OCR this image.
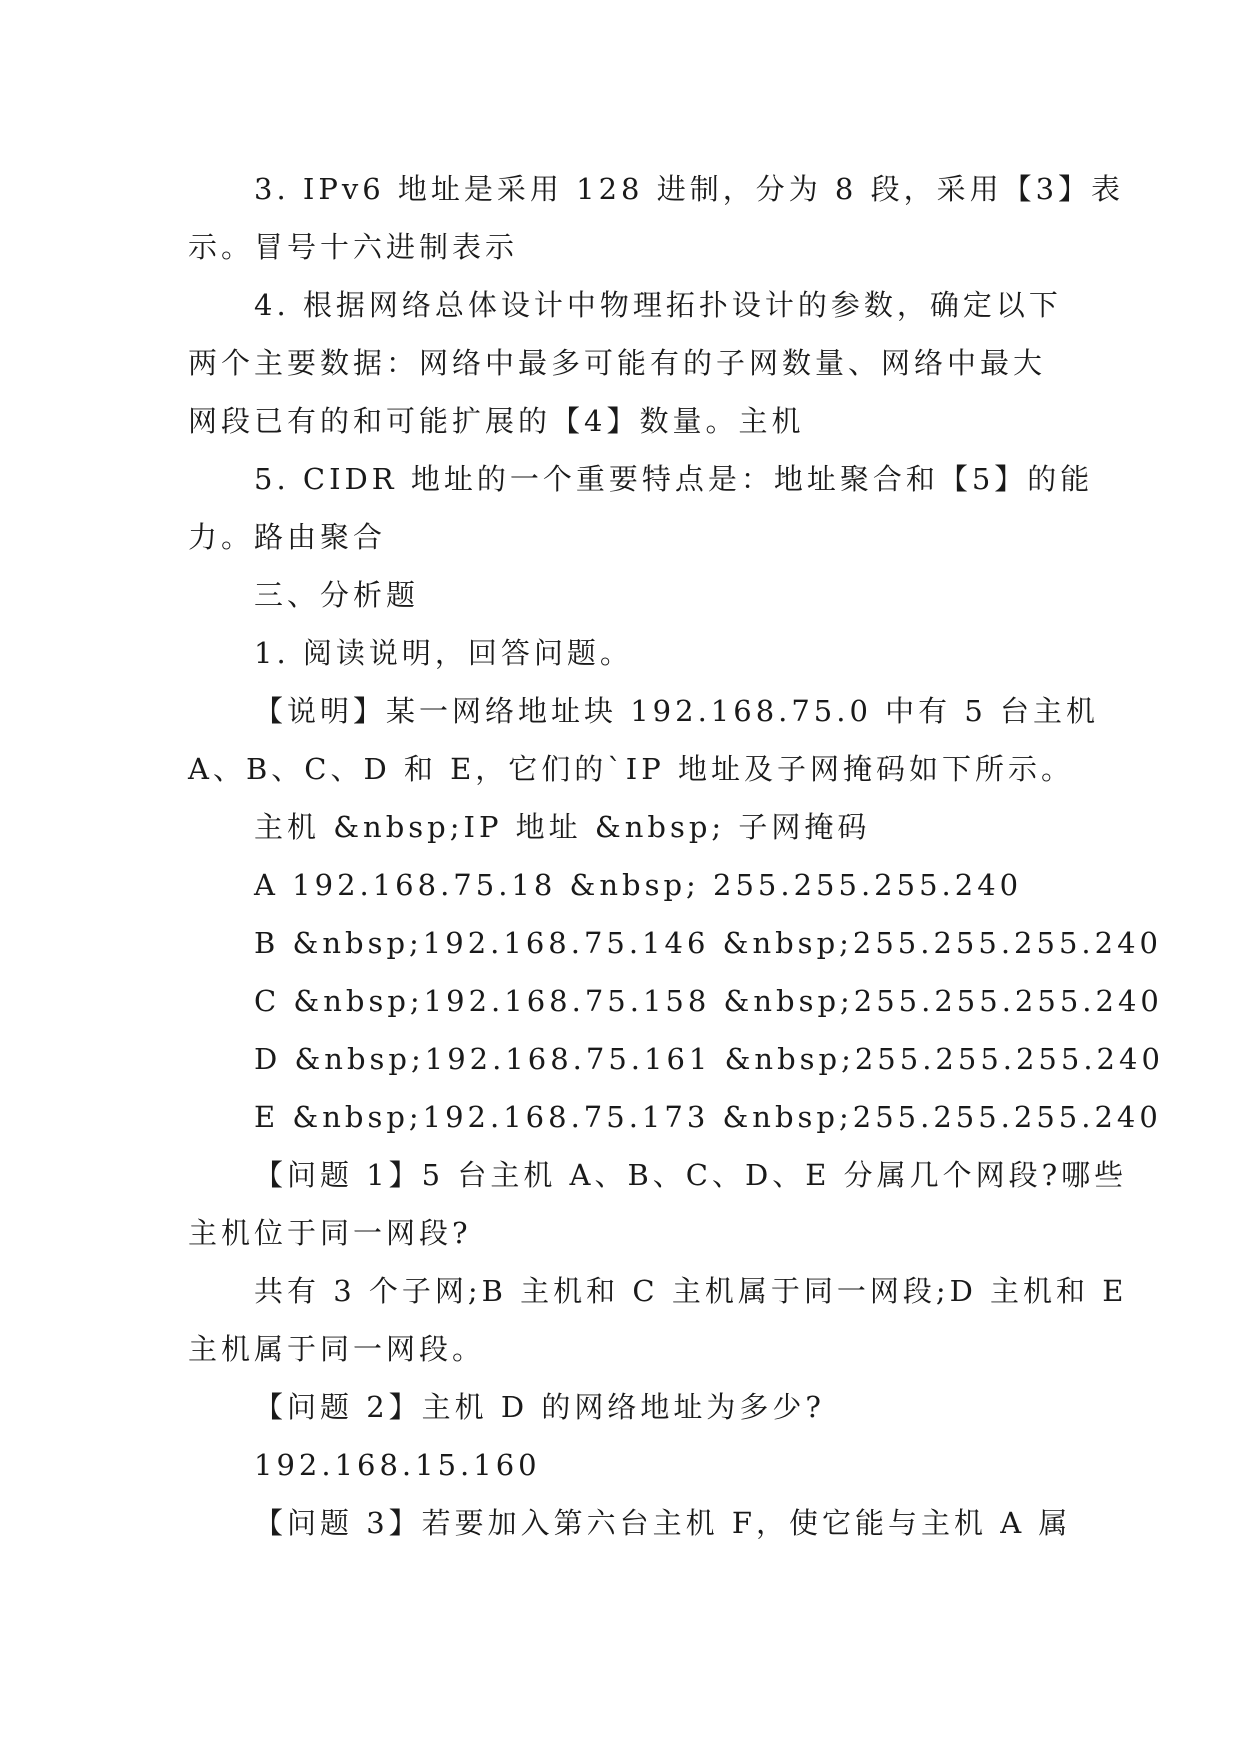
3. IPv6 地址是采用 128 进制，分为 8 段，采用【3】表
示。冒号十六进制表示
4. 根据网络总体设计中物理拓扑设计的参数，确定以下
两个主要数据：网络中最多可能有的子网数量、网络中最大
网段已有的和可能扩展的【4】数量。主机
5. CIDR 地址的一个重要特点是：地址聚合和【5】的能
力。路由聚合
三、分析题
1. 阅读说明，回答问题。
【说明】某一网络地址块 192.168.75.0 中有 5 台主机
A、B、C、D 和 E，它们的`IP 地址及子网掩码如下所示。
主机 &nbsp;IP 地址 &nbsp; 子网掩码
A 192.168.75.18 &nbsp; 255.255.255.240
B &nbsp;192.168.75.146 &nbsp;255.255.255.240
C &nbsp;192.168.75.158 &nbsp;255.255.255.240
D &nbsp;192.168.75.161 &nbsp;255.255.255.240
E &nbsp;192.168.75.173 &nbsp;255.255.255.240
【问题 1】5 台主机 A、B、C、D、E 分属几个网段?哪些
主机位于同一网段?
共有 3 个子网;B 主机和 C 主机属于同一网段;D 主机和 E
主机属于同一网段。
【问题 2】主机 D 的网络地址为多少?
192.168.15.160
【问题 3】若要加入第六台主机 F，使它能与主机 A 属
